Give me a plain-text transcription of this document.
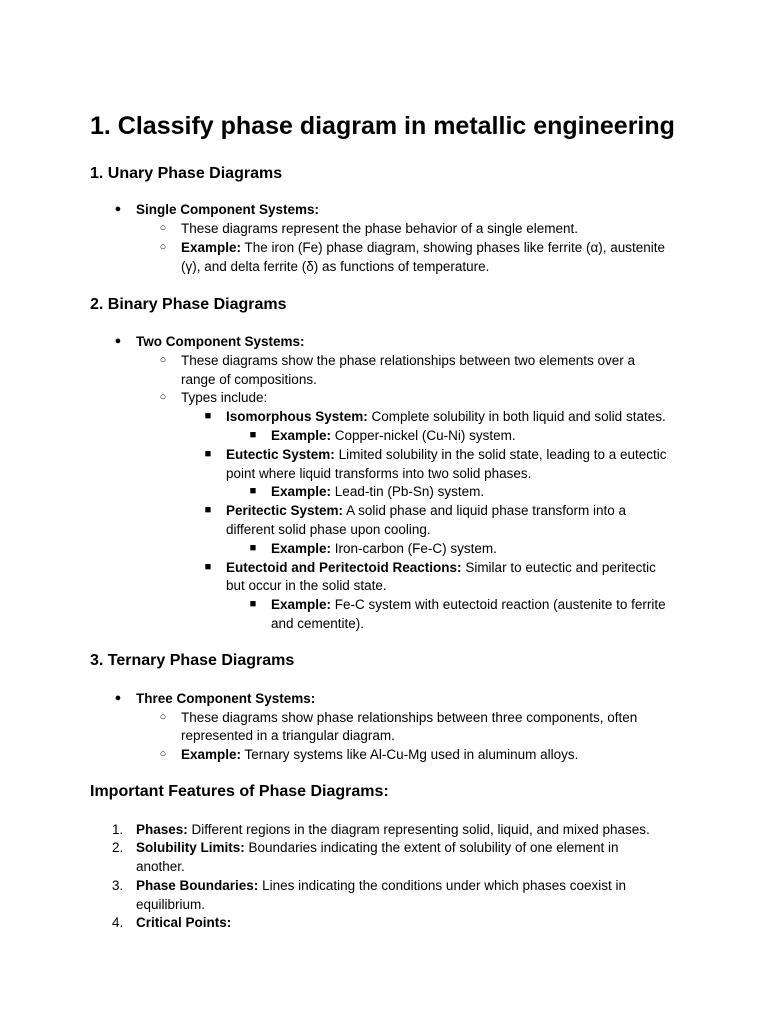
1. Classify phase diagram in metallic engineering
1. Unary Phase Diagrams
● Single Component Systems:
○ These diagrams represent the phase behavior of a single element.
○ Example: The iron (Fe) phase diagram, showing phases like ferrite (α), austenite
(γ), and delta ferrite (δ) as functions of temperature.
2. Binary Phase Diagrams
● Two Component Systems:
○ These diagrams show the phase relationships between two elements over a
range of compositions.
○ Types include:
■ Isomorphous System: Complete solubility in both liquid and solid states.
■ Example: Copper-nickel (Cu-Ni) system.
■ Eutectic System: Limited solubility in the solid state, leading to a eutectic
point where liquid transforms into two solid phases.
■ Example: Lead-tin (Pb-Sn) system.
■ Peritectic System: A solid phase and liquid phase transform into a
different solid phase upon cooling.
■ Example: Iron-carbon (Fe-C) system.
■ Eutectoid and Peritectoid Reactions: Similar to eutectic and peritectic
but occur in the solid state.
■ Example: Fe-C system with eutectoid reaction (austenite to ferrite
and cementite).
3. Ternary Phase Diagrams
● Three Component Systems:
○ These diagrams show phase relationships between three components, often
represented in a triangular diagram.
○ Example: Ternary systems like Al-Cu-Mg used in aluminum alloys.
Important Features of Phase Diagrams:
1. Phases: Different regions in the diagram representing solid, liquid, and mixed phases.
2. Solubility Limits: Boundaries indicating the extent of solubility of one element in
another.
3. Phase Boundaries: Lines indicating the conditions under which phases coexist in
equilibrium.
4. Critical Points:
